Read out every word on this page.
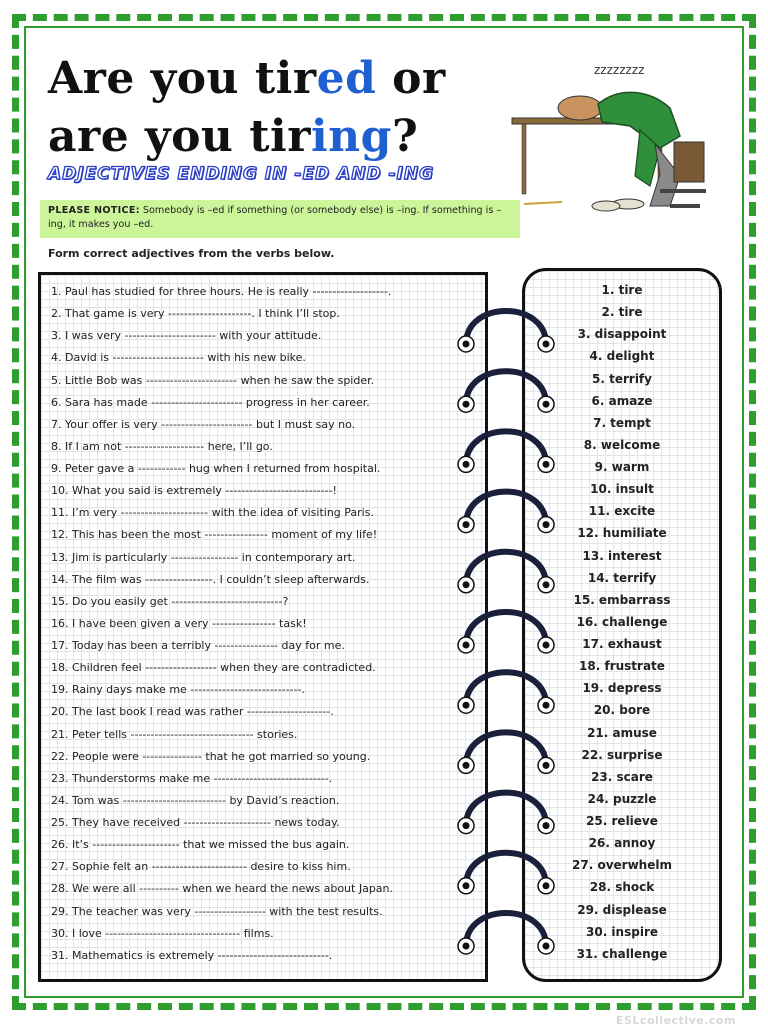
Are you tired or
are you tiring?
ADJECTIVES ENDING IN -ED AND -ING
zzzzzzzz
PLEASE NOTICE: Somebody is –ed if something (or somebody else) is –ing. If something is –ing, it makes you –ed.
Form correct adjectives from the verbs below.
1. Paul has studied for three hours. He is really -------------------.
2. That game is very ---------------------. I think I’ll stop.
3. I was very ----------------------- with your attitude.
4. David is ----------------------- with his new bike.
5. Little Bob was ----------------------- when he saw the spider.
6. Sara has made ----------------------- progress in her career.
7. Your offer is very ----------------------- but I must say no.
8. If I am not -------------------- here, I’ll go.
9. Peter gave a ------------ hug when I returned from hospital.
10. What you said is extremely ---------------------------!
11. I’m very ---------------------- with the idea of visiting Paris.
12. This has been the most ---------------- moment of my life!
13. Jim is particularly ----------------- in contemporary art.
14. The film was -----------------. I couldn’t sleep afterwards.
15. Do you easily get ----------------------------?
16. I have been given a very ---------------- task!
17. Today has been a terribly ---------------- day for me.
18. Children feel ------------------ when they are contradicted.
19. Rainy days make me ----------------------------.
20. The last book I read was rather ---------------------.
21. Peter tells ------------------------------- stories.
22. People were --------------- that he got married so young.
23. Thunderstorms make me -----------------------------.
24. Tom was -------------------------- by David’s reaction.
25. They have received ---------------------- news today.
26. It’s ---------------------- that we missed the bus again.
27. Sophie felt an ------------------------ desire to kiss him.
28. We were all ---------- when we heard the news about Japan.
29. The teacher was very ------------------ with the test results.
30. I love ---------------------------------- films.
31. Mathematics is extremely ----------------------------.
1. tire
2. tire
3. disappoint
4. delight
5. terrify
6. amaze
7. tempt
8. welcome
9. warm
10. insult
11. excite
12. humiliate
13. interest
14. terrify
15. embarrass
16. challenge
17. exhaust
18. frustrate
19. depress
20. bore
21. amuse
22. surprise
23. scare
24. puzzle
25. relieve
26. annoy
27. overwhelm
28. shock
29. displease
30. inspire
31. challenge
ESLcollective.com
